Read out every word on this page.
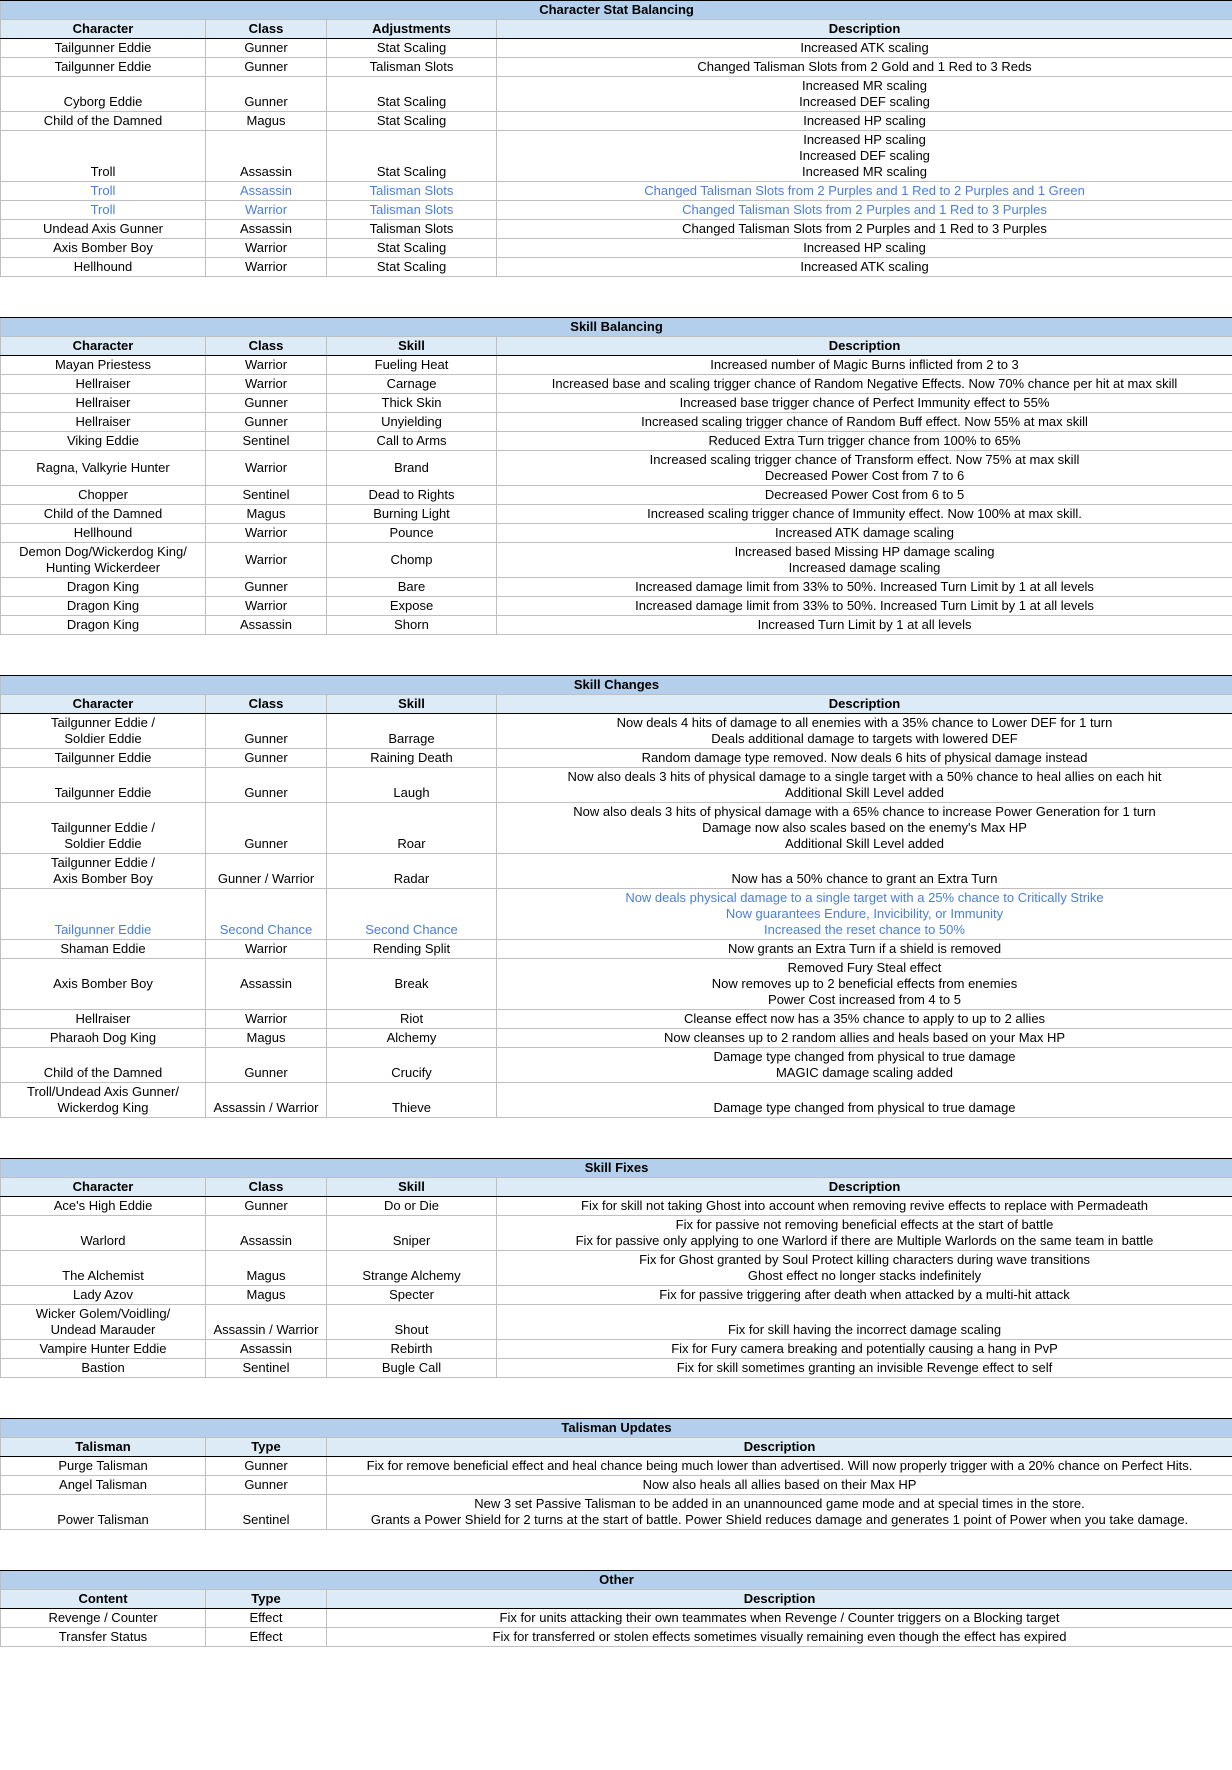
Character Stat Balancing			
Character	Class	Adjustments	Description
Tailgunner Eddie	Gunner	Stat Scaling	Increased ATK scaling
Tailgunner Eddie	Gunner	Talisman Slots	Changed Talisman Slots from 2 Gold and 1 Red to 3 Reds
Cyborg Eddie	Gunner	Stat Scaling	Increased MR scaling
Increased DEF scaling
Child of the Damned	Magus	Stat Scaling	Increased HP scaling
Troll	Assassin	Stat Scaling	Increased HP scaling
Increased DEF scaling
Increased MR scaling
Troll	Assassin	Talisman Slots	Changed Talisman Slots from 2 Purples and 1 Red to 2 Purples and 1 Green
Troll	Warrior	Talisman Slots	Changed Talisman Slots from 2 Purples and 1 Red to 3 Purples
Undead Axis Gunner	Assassin	Talisman Slots	Changed Talisman Slots from 2 Purples and 1 Red to 3 Purples
Axis Bomber Boy	Warrior	Stat Scaling	Increased HP scaling
Hellhound	Warrior	Stat Scaling	Increased ATK scaling
Skill Balancing			
Character	Class	Skill	Description
Mayan Priestess	Warrior	Fueling Heat	Increased number of Magic Burns inflicted from 2 to 3
Hellraiser	Warrior	Carnage	Increased base and scaling trigger chance of Random Negative Effects. Now 70% chance per hit at max skill
Hellraiser	Gunner	Thick Skin	Increased base trigger chance of Perfect Immunity effect to 55%
Hellraiser	Gunner	Unyielding	Increased scaling trigger chance of Random Buff effect. Now 55% at max skill
Viking Eddie	Sentinel	Call to Arms	Reduced Extra Turn trigger chance from 100% to 65%
Ragna, Valkyrie Hunter	Warrior	Brand	Increased scaling trigger chance of Transform effect. Now 75% at max skill
Decreased Power Cost from 7 to 6
Chopper	Sentinel	Dead to Rights	Decreased Power Cost from 6 to 5
Child of the Damned	Magus	Burning Light	Increased scaling trigger chance of Immunity effect. Now 100% at max skill.
Hellhound	Warrior	Pounce	Increased ATK damage scaling
Demon Dog/Wickerdog King/
Hunting Wickerdeer	Warrior	Chomp	Increased based Missing HP damage scaling
Increased damage scaling
Dragon King	Gunner	Bare	Increased damage limit from 33% to 50%. Increased Turn Limit by 1 at all levels
Dragon King	Warrior	Expose	Increased damage limit from 33% to 50%. Increased Turn Limit by 1 at all levels
Dragon King	Assassin	Shorn	Increased Turn Limit by 1 at all levels
Skill Changes			
Character	Class	Skill	Description
Tailgunner Eddie /
Soldier Eddie	Gunner	Barrage	Now deals 4 hits of damage to all enemies with a 35% chance to Lower DEF for 1 turn
Deals additional damage to targets with lowered DEF
Tailgunner Eddie	Gunner	Raining Death	Random damage type removed. Now deals 6 hits of physical damage instead
Tailgunner Eddie	Gunner	Laugh	Now also deals 3 hits of physical damage to a single target with a 50% chance to heal allies on each hit
Additional Skill Level added
Tailgunner Eddie /
Soldier Eddie	Gunner	Roar	Now also deals 3 hits of physical damage with a 65% chance to increase Power Generation for 1 turn
Damage now also scales based on the enemy's Max HP
Additional Skill Level added
Tailgunner Eddie /
Axis Bomber Boy	Gunner / Warrior	Radar	Now has a 50% chance to grant an Extra Turn
Tailgunner Eddie	Second Chance	Second Chance	Now deals physical damage to a single target with a 25% chance to Critically Strike
Now guarantees Endure, Invicibility, or Immunity
Increased the reset chance to 50%
Shaman Eddie	Warrior	Rending Split	Now grants an Extra Turn if a shield is removed
Axis Bomber Boy	Assassin	Break	Removed Fury Steal effect
Now removes up to 2 beneficial effects from enemies
Power Cost increased from 4 to 5
Hellraiser	Warrior	Riot	Cleanse effect now has a 35% chance to apply to up to 2 allies
Pharaoh Dog King	Magus	Alchemy	Now cleanses up to 2 random allies and heals based on your Max HP
Child of the Damned	Gunner	Crucify	Damage type changed from physical to true damage
MAGIC damage scaling added
Troll/Undead Axis Gunner/
Wickerdog King	Assassin / Warrior	Thieve	Damage type changed from physical to true damage
Skill Fixes			
Character	Class	Skill	Description
Ace's High Eddie	Gunner	Do or Die	Fix for skill not taking Ghost into account when removing revive effects to replace with Permadeath
Warlord	Assassin	Sniper	Fix for passive not removing beneficial effects at the start of battle
Fix for passive only applying to one Warlord if there are Multiple Warlords on the same team in battle
The Alchemist	Magus	Strange Alchemy	Fix for Ghost granted by Soul Protect killing characters during wave transitions
Ghost effect no longer stacks indefinitely
Lady Azov	Magus	Specter	Fix for passive triggering after death when attacked by a multi-hit attack
Wicker Golem/Voidling/
Undead Marauder	Assassin / Warrior	Shout	Fix for skill having the incorrect damage scaling
Vampire Hunter Eddie	Assassin	Rebirth	Fix for Fury camera breaking and potentially causing a hang in PvP
Bastion	Sentinel	Bugle Call	Fix for skill sometimes granting an invisible Revenge effect to self
Talisman Updates		
Talisman	Type	Description
Purge Talisman	Gunner	Fix for remove beneficial effect and heal chance being much lower than advertised. Will now properly trigger with a 20% chance on Perfect Hits.
Angel Talisman	Gunner	Now also heals all allies based on their Max HP
Power Talisman	Sentinel	New 3 set Passive Talisman to be added in an unannounced game mode and at special times in the store.
Grants a Power Shield for 2 turns at the start of battle. Power Shield reduces damage and generates 1 point of Power when you take damage.
Other		
Content	Type	Description
Revenge / Counter	Effect	Fix for units attacking their own teammates when Revenge / Counter triggers on a Blocking target
Transfer Status	Effect	Fix for transferred or stolen effects sometimes visually remaining even though the effect has expired
